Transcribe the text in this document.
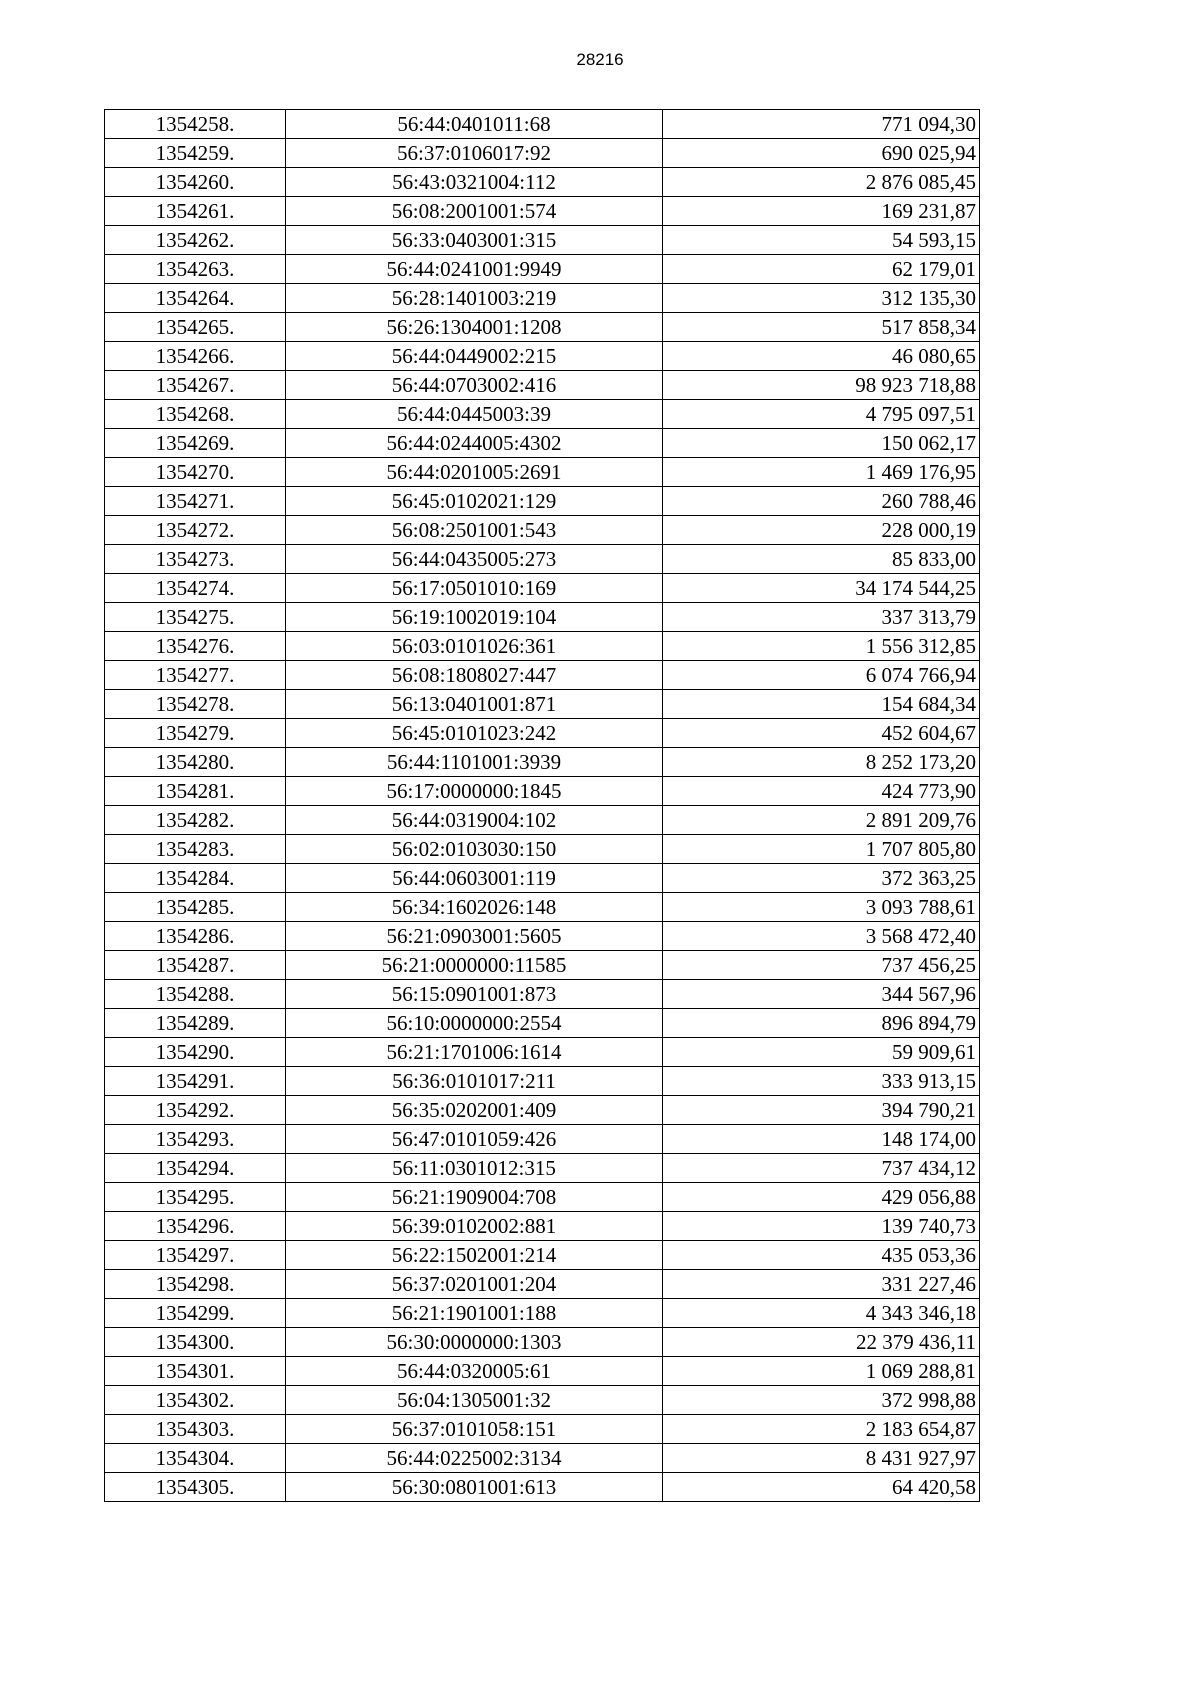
28216
1354258.	56:44:0401011:68	771 094,30
1354259.	56:37:0106017:92	690 025,94
1354260.	56:43:0321004:112	2 876 085,45
1354261.	56:08:2001001:574	169 231,87
1354262.	56:33:0403001:315	54 593,15
1354263.	56:44:0241001:9949	62 179,01
1354264.	56:28:1401003:219	312 135,30
1354265.	56:26:1304001:1208	517 858,34
1354266.	56:44:0449002:215	46 080,65
1354267.	56:44:0703002:416	98 923 718,88
1354268.	56:44:0445003:39	4 795 097,51
1354269.	56:44:0244005:4302	150 062,17
1354270.	56:44:0201005:2691	1 469 176,95
1354271.	56:45:0102021:129	260 788,46
1354272.	56:08:2501001:543	228 000,19
1354273.	56:44:0435005:273	85 833,00
1354274.	56:17:0501010:169	34 174 544,25
1354275.	56:19:1002019:104	337 313,79
1354276.	56:03:0101026:361	1 556 312,85
1354277.	56:08:1808027:447	6 074 766,94
1354278.	56:13:0401001:871	154 684,34
1354279.	56:45:0101023:242	452 604,67
1354280.	56:44:1101001:3939	8 252 173,20
1354281.	56:17:0000000:1845	424 773,90
1354282.	56:44:0319004:102	2 891 209,76
1354283.	56:02:0103030:150	1 707 805,80
1354284.	56:44:0603001:119	372 363,25
1354285.	56:34:1602026:148	3 093 788,61
1354286.	56:21:0903001:5605	3 568 472,40
1354287.	56:21:0000000:11585	737 456,25
1354288.	56:15:0901001:873	344 567,96
1354289.	56:10:0000000:2554	896 894,79
1354290.	56:21:1701006:1614	59 909,61
1354291.	56:36:0101017:211	333 913,15
1354292.	56:35:0202001:409	394 790,21
1354293.	56:47:0101059:426	148 174,00
1354294.	56:11:0301012:315	737 434,12
1354295.	56:21:1909004:708	429 056,88
1354296.	56:39:0102002:881	139 740,73
1354297.	56:22:1502001:214	435 053,36
1354298.	56:37:0201001:204	331 227,46
1354299.	56:21:1901001:188	4 343 346,18
1354300.	56:30:0000000:1303	22 379 436,11
1354301.	56:44:0320005:61	1 069 288,81
1354302.	56:04:1305001:32	372 998,88
1354303.	56:37:0101058:151	2 183 654,87
1354304.	56:44:0225002:3134	8 431 927,97
1354305.	56:30:0801001:613	64 420,58
